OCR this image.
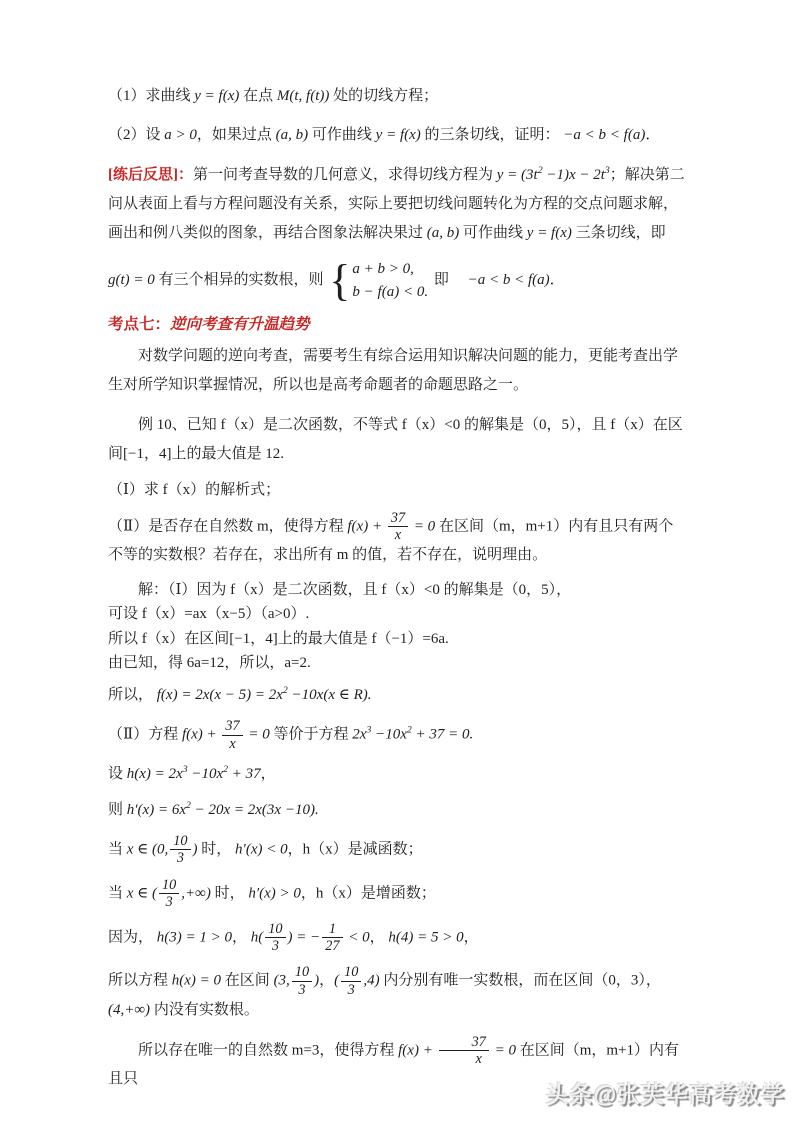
（1）求曲线 y = f(x) 在点 M(t, f(t)) 处的切线方程；
（2）设 a > 0，如果过点 (a, b) 可作曲线 y = f(x) 的三条切线，证明： −a < b < f(a)．
[练后反思]：第一问考查导数的几何意义，求得切线方程为 $y = (3t^2 -1)x - 2t^3$；解决第二问从表面上看与方程问题没有关系，实际上要把切线问题转化为方程的交点问题求解，画出和例八类似的图象，再结合图象法解决果过 (a, b) 可作曲线 y = f(x) 三条切线，即
g(t) = 0 有三个相异的实数根，则 { a + b > 0,
b − f(a) < 0.
即　 −a < b < f(a)．
考点七：逆向考查有升温趋势
对数学问题的逆向考查，需要考生有综合运用知识解决问题的能力，更能考查出学生对所学知识掌握情况，所以也是高考命题者的命题思路之一。
例 10、已知 f（x）是二次函数，不等式 f（x）<0 的解集是（0，5），且 f（x）在区间[−1，4]上的最大值是 12.
（Ⅰ）求 f（x）的解析式；
（Ⅱ）是否存在自然数 m，使得方程 $f(x) + \frac{37}{x} = 0$ 在区间（m，m+1）内有且只有两个不等的实数根？若存在，求出所有 m 的值，若不存在，说明理由。
解：（Ⅰ）因为 f（x）是二次函数，且 f（x）<0 的解集是（0，5），
可设 f（x）=ax（x−5）（a>0）.
所以 f（x）在区间[−1，4]上的最大值是 f（−1）=6a.
由已知，得 6a=12，所以，a=2.
所以， $f(x) = 2x(x - 5) = 2x^2 -10x(x$ ∈ R).
（Ⅱ）方程 $f(x) + \frac{37}{x} = 0$ 等价于方程 $2x^3 -10x^2 + 37 = 0$.
设 $h(x) = 2x^3 -10x^2 + 37$，
则 $h'(x) = 6x^2 - 20x = 2x(3x -10)$.
当 x ∈ (0, $\frac{10}{3}$ ) 时， h′(x) < 0，h（x）是减函数；
当 x ∈ ( $\frac{10}{3}$ ,+∞) 时， h′(x) > 0，h（x）是增函数；
因为， h(3) = 1 > 0， $h( \frac{10}{3}$ ) = − $\frac{1}{27} < 0$， h(4) = 5 > 0，
所以方程 h(x) = 0 在区间 (3, $\frac{10}{3}$ )，( $\frac{10}{3} ,4$) 内分别有唯一实数根，而在区间（0，3），(4,+∞) 内没有实数根。
所以存在唯一的自然数 m=3，使得方程 $f(x) + \frac{37}{x} = 0$ 在区间（m，m+1）内有且只
头条@张芙华高考数学
